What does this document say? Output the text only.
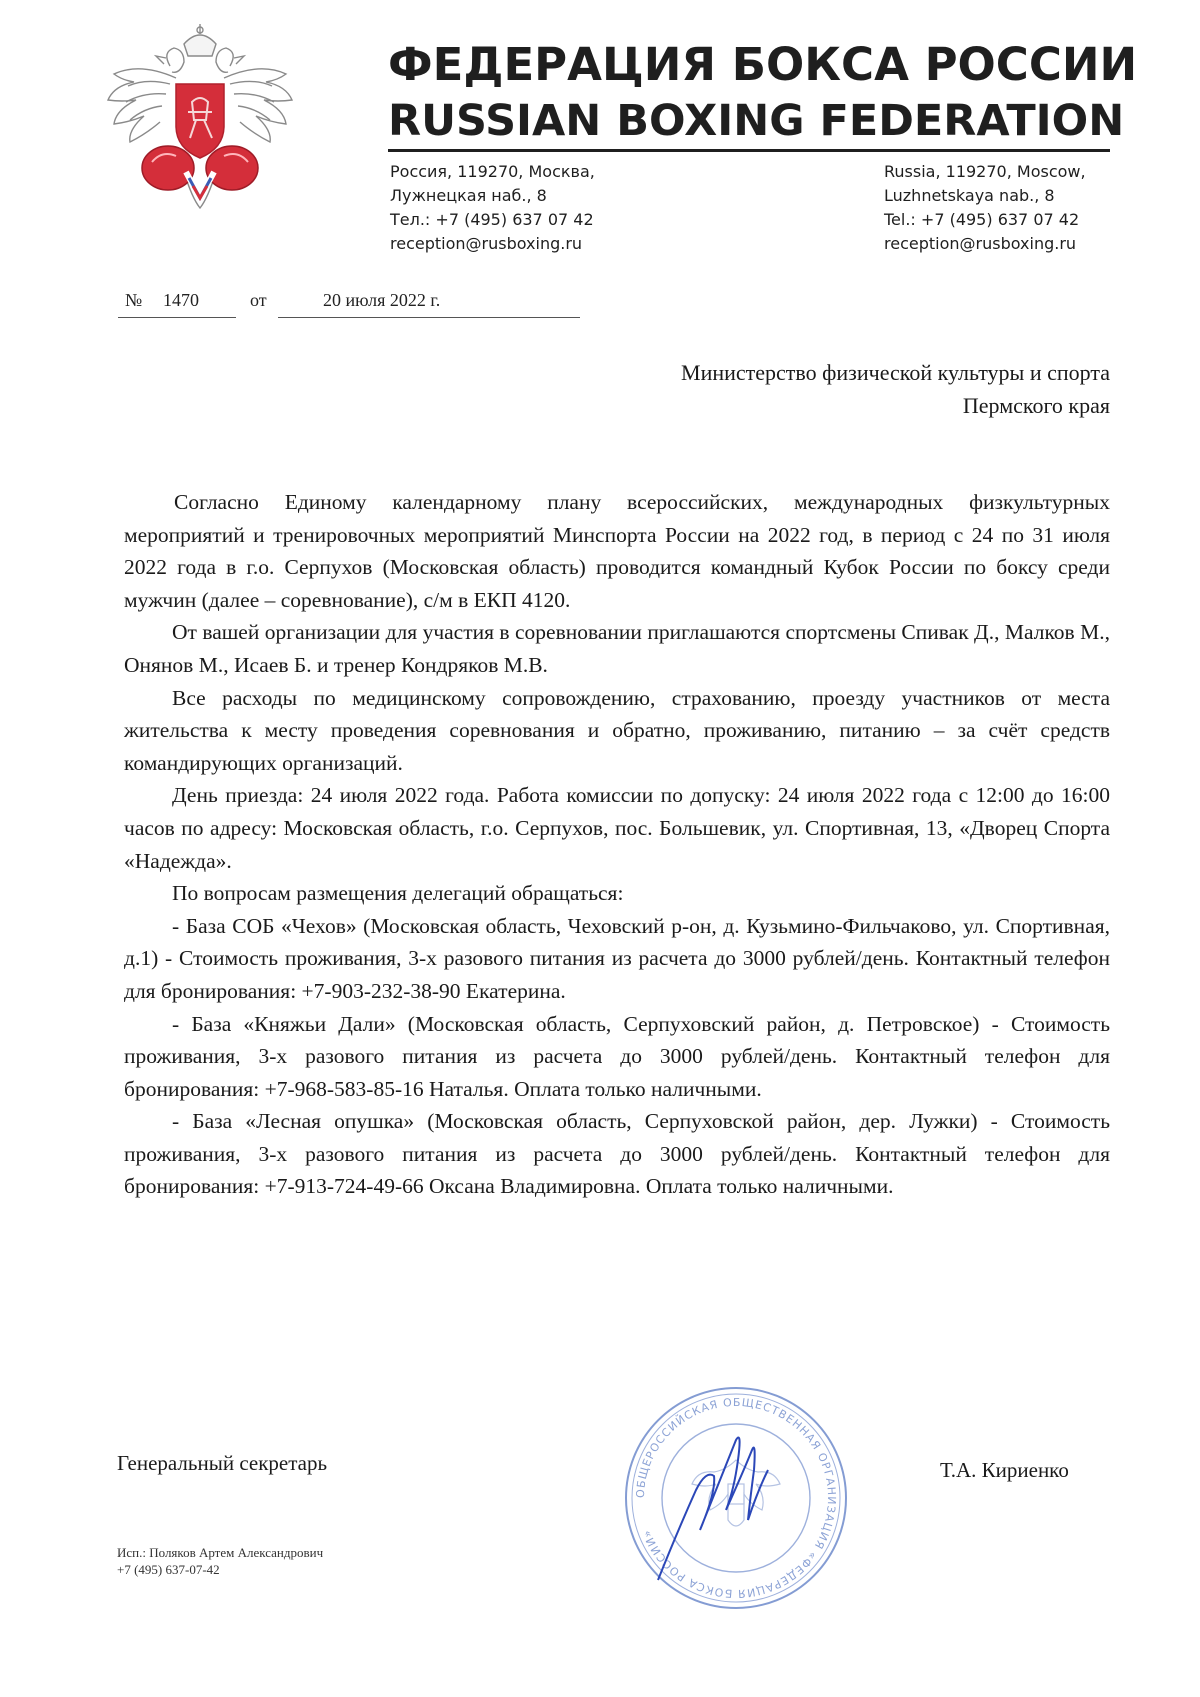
ФЕДЕРАЦИЯ БОКСА РОССИИ
RUSSIAN BOXING FEDERATION
Россия, 119270, Москва,
Лужнецкая наб., 8
Тел.: +7 (495) 637 07 42
reception@rusboxing.ru
Russia, 119270, Moscow,
Luzhnetskaya nab., 8
Tel.: +7 (495) 637 07 42
reception@rusboxing.ru
№ 1470	от	20 июля 2022 г.
Министерство физической культуры и спорта
Пермского края

Согласно Единому календарному плану всероссийских, международных физкультурных мероприятий и тренировочных мероприятий Минспорта России на 2022 год, в период с 24 по 31 июля 2022 года в г.о. Серпухов (Московская область) проводится командный Кубок России по боксу среди мужчин (далее – соревнование), с/м в ЕКП 4120.

От вашей организации для участия в соревновании приглашаются спортсмены Спивак Д., Малков М., Онянов М., Исаев Б. и тренер Кондряков М.В.

Все расходы по медицинскому сопровождению, страхованию, проезду участников от места жительства к месту проведения соревнования и обратно, проживанию, питанию – за счёт средств командирующих организаций.

День приезда: 24 июля 2022 года. Работа комиссии по допуску: 24 июля 2022 года с 12:00 до 16:00 часов по адресу: Московская область, г.о. Серпухов, пос. Большевик, ул. Спортивная, 13, «Дворец Спорта «Надежда».

По вопросам размещения делегаций обращаться:

- База СОБ «Чехов» (Московская область, Чеховский р-он, д. Кузьмино-Фильчаково, ул. Спортивная, д.1) - Стоимость проживания, 3-х разового питания из расчета до 3000 рублей/день. Контактный телефон для бронирования: +7-903-232-38-90 Екатерина.

- База «Княжьи Дали» (Московская область, Серпуховский район, д. Петровское) - Стоимость проживания, 3-х разового питания из расчета до 3000 рублей/день. Контактный телефон для бронирования: +7-968-583-85-16 Наталья. Оплата только наличными.

- База «Лесная опушка» (Московская область, Серпуховской район, дер. Лужки) - Стоимость проживания, 3-х разового питания из расчета до 3000 рублей/день. Контактный телефон для бронирования: +7-913-724-49-66 Оксана Владимировна. Оплата только наличными.

ОБЩЕРОССИЙСКАЯ ОБЩЕСТВЕННАЯ ОРГАНИЗАЦИЯ «ФЕДЕРАЦИЯ БОКСА РОССИИ»
Генеральный секретарь	Т.А. Кириенко
Исп.: Поляков Артем Александрович
+7 (495) 637-07-42
